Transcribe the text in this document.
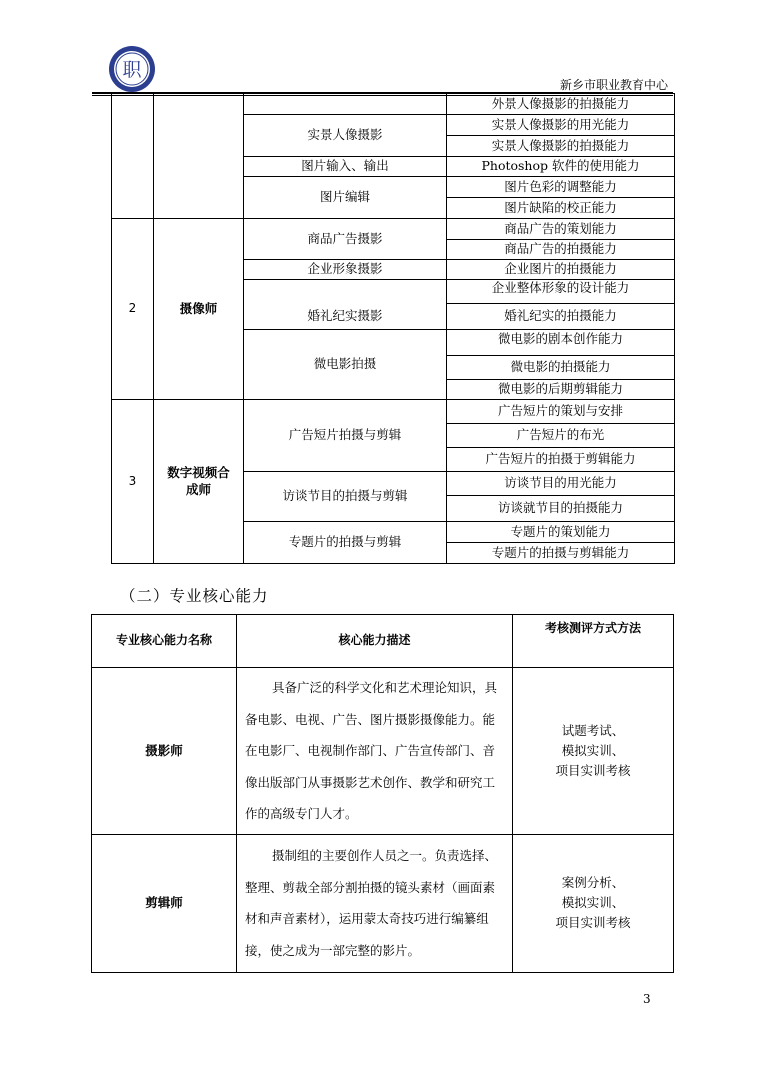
职
新乡市职业教育中心
			外景人像摄影的拍摄能力
		实景人像摄影	实景人像摄影的用光能力
			实景人像摄影的拍摄能力
		图片输入、输出	Photoshop 软件的使用能力
		图片编辑	图片色彩的调整能力
			图片缺陷的校正能力
2	摄像师	商品广告摄影	商品广告的策划能力
			商品广告的拍摄能力
		企业形象摄影	企业图片的拍摄能力
		婚礼纪实摄影	企业整体形象的设计能力
			婚礼纪实的拍摄能力
		微电影拍摄	微电影的剧本创作能力
			微电影的拍摄能力
			微电影的后期剪辑能力
3	数字视频合成师	广告短片拍摄与剪辑	广告短片的策划与安排
			广告短片的布光
			广告短片的拍摄于剪辑能力
		访谈节目的拍摄与剪辑	访谈节目的用光能力
			访谈就节目的拍摄能力
		专题片的拍摄与剪辑	专题片的策划能力
			专题片的拍摄与剪辑能力
（二）专业核心能力
专业核心能力名称	核心能力描述	考核测评方式方法
摄影师	具备广泛的科学文化和艺术理论知识，具备电影、电视、广告、图片摄影摄像能力。能在电影厂、电视制作部门、广告宣传部门、音像出版部门从事摄影艺术创作、教学和研究工作的高级专门人才。	试题考试、
模拟实训、
项目实训考核

剪辑师	摄制组的主要创作人员之一。负责选择、整理、剪裁全部分割拍摄的镜头素材（画面素材和声音素材），运用蒙太奇技巧进行编纂组接，使之成为一部完整的影片。	案例分析、
模拟实训、
项目实训考核
3
